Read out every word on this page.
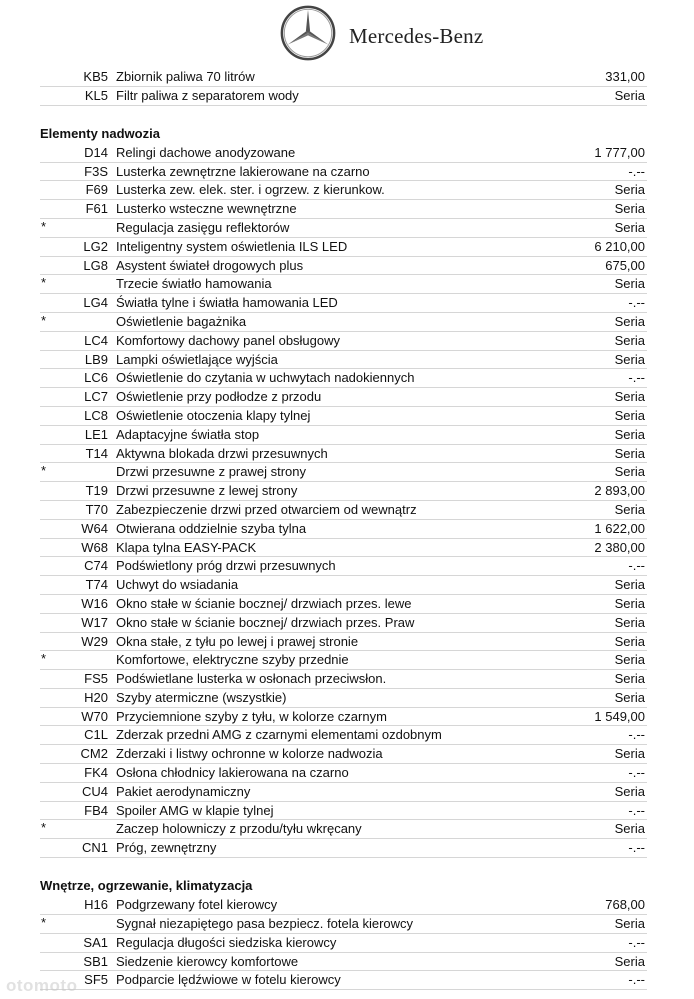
Mercedes-Benz
KB5 Zbiornik paliwa 70 litrów	331,00
KL5 Filtr paliwa z separatorem wody	Seria
Elementy nadwozia
D14 Relingi dachowe anodyzowane	1 777,00
F3S Lusterka zewnętrzne lakierowane na czarno	-.--
F69 Lusterka zew. elek. ster. i ogrzew. z kierunkow.	Seria
F61 Lusterko wsteczne wewnętrzne	Seria
*	Regulacja zasięgu reflektorów	Seria
LG2 Inteligentny system oświetlenia ILS LED	6 210,00
LG8 Asystent świateł drogowych plus	675,00
*	Trzecie światło hamowania	Seria
LG4 Światła tylne i światła hamowania LED	-.--
*	Oświetlenie bagażnika	Seria
LC4 Komfortowy dachowy panel obsługowy	Seria
LB9 Lampki oświetlające wyjścia	Seria
LC6 Oświetlenie do czytania w uchwytach nadokiennych	-.--
LC7 Oświetlenie przy podłodze z przodu	Seria
LC8 Oświetlenie otoczenia klapy tylnej	Seria
LE1 Adaptacyjne światła stop	Seria
T14 Aktywna blokada drzwi przesuwnych	Seria
*	Drzwi przesuwne z prawej strony	Seria
T19 Drzwi przesuwne z lewej strony	2 893,00
T70 Zabezpieczenie drzwi przed otwarciem od wewnątrz	Seria
W64 Otwierana oddzielnie szyba tylna	1 622,00
W68 Klapa tylna EASY-PACK	2 380,00
C74 Podświetlony próg drzwi przesuwnych	-.--
T74 Uchwyt do wsiadania	Seria
W16 Okno stałe w ścianie bocznej/ drzwiach przes. lewe	Seria
W17 Okno stałe w ścianie bocznej/ drzwiach przes. Praw	Seria
W29 Okna stałe, z tyłu po lewej i prawej stronie	Seria
*	Komfortowe, elektryczne szyby przednie	Seria
FS5 Podświetlane lusterka w osłonach przeciwsłon.	Seria
H20 Szyby atermiczne (wszystkie)	Seria
W70 Przyciemnione szyby z tyłu, w kolorze czarnym	1 549,00
C1L Zderzak przedni AMG z czarnymi elementami ozdobnym	-.--
CM2 Zderzaki i listwy ochronne w kolorze nadwozia	Seria
FK4 Osłona chłodnicy lakierowana na czarno	-.--
CU4 Pakiet aerodynamiczny	Seria
FB4 Spoiler AMG w klapie tylnej	-.--
*	Zaczep holowniczy z przodu/tyłu wkręcany	Seria
CN1 Próg, zewnętrzny	-.--
Wnętrze, ogrzewanie, klimatyzacja
H16 Podgrzewany fotel kierowcy	768,00
*	Sygnał niezapiętego pasa bezpiecz. fotela kierowcy	Seria
SA1 Regulacja długości siedziska kierowcy	-.--
SB1 Siedzenie kierowcy komfortowe	Seria
SF5 Podparcie lędźwiowe w fotelu kierowcy	-.--
otomoto
